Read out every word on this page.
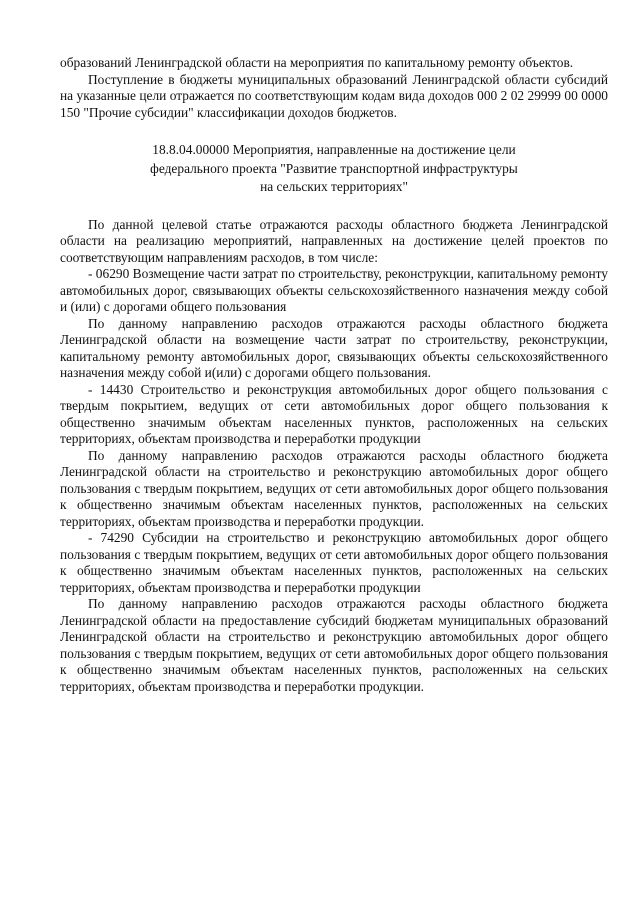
образований Ленинградской области на мероприятия по капитальному ремонту объектов.

Поступление в бюджеты муниципальных образований Ленинградской области субсидий на указанные цели отражается по соответствующим кодам вида доходов 000 2 02 29999 00 0000 150 "Прочие субсидии" классификации доходов бюджетов.

18.8.04.00000 Мероприятия, направленные на достижение цели

федерального проекта "Развитие транспортной инфраструктуры

на сельских территориях"

По данной целевой статье отражаются расходы областного бюджета Ленинградской области на реализацию мероприятий, направленных на достижение целей проектов по соответствующим направлениям расходов, в том числе:

- 06290 Возмещение части затрат по строительству, реконструкции, капитальному ремонту автомобильных дорог, связывающих объекты сельскохозяйственного назначения между собой и (или) с дорогами общего пользования

По данному направлению расходов отражаются расходы областного бюджета Ленинградской области на возмещение части затрат по строительству, реконструкции, капитальному ремонту автомобильных дорог, связывающих объекты сельскохозяйственного назначения между собой и(или) с дорогами общего пользования.

- 14430 Строительство и реконструкция автомобильных дорог общего пользования с твердым покрытием, ведущих от сети автомобильных дорог общего пользования к общественно значимым объектам населенных пунктов, расположенных на сельских территориях, объектам производства и переработки продукции

По данному направлению расходов отражаются расходы областного бюджета Ленинградской области на строительство и реконструкцию автомобильных дорог общего пользования с твердым покрытием, ведущих от сети автомобильных дорог общего пользования к общественно значимым объектам населенных пунктов, расположенных на сельских территориях, объектам производства и переработки продукции.

- 74290 Субсидии на строительство и реконструкцию автомобильных дорог общего пользования с твердым покрытием, ведущих от сети автомобильных дорог общего пользования к общественно значимым объектам населенных пунктов, расположенных на сельских территориях, объектам производства и переработки продукции

По данному направлению расходов отражаются расходы областного бюджета Ленинградской области на предоставление субсидий бюджетам муниципальных образований Ленинградской области на строительство и реконструкцию автомобильных дорог общего пользования с твердым покрытием, ведущих от сети автомобильных дорог общего пользования к общественно значимым объектам населенных пунктов, расположенных на сельских территориях, объектам производства и переработки продукции.
